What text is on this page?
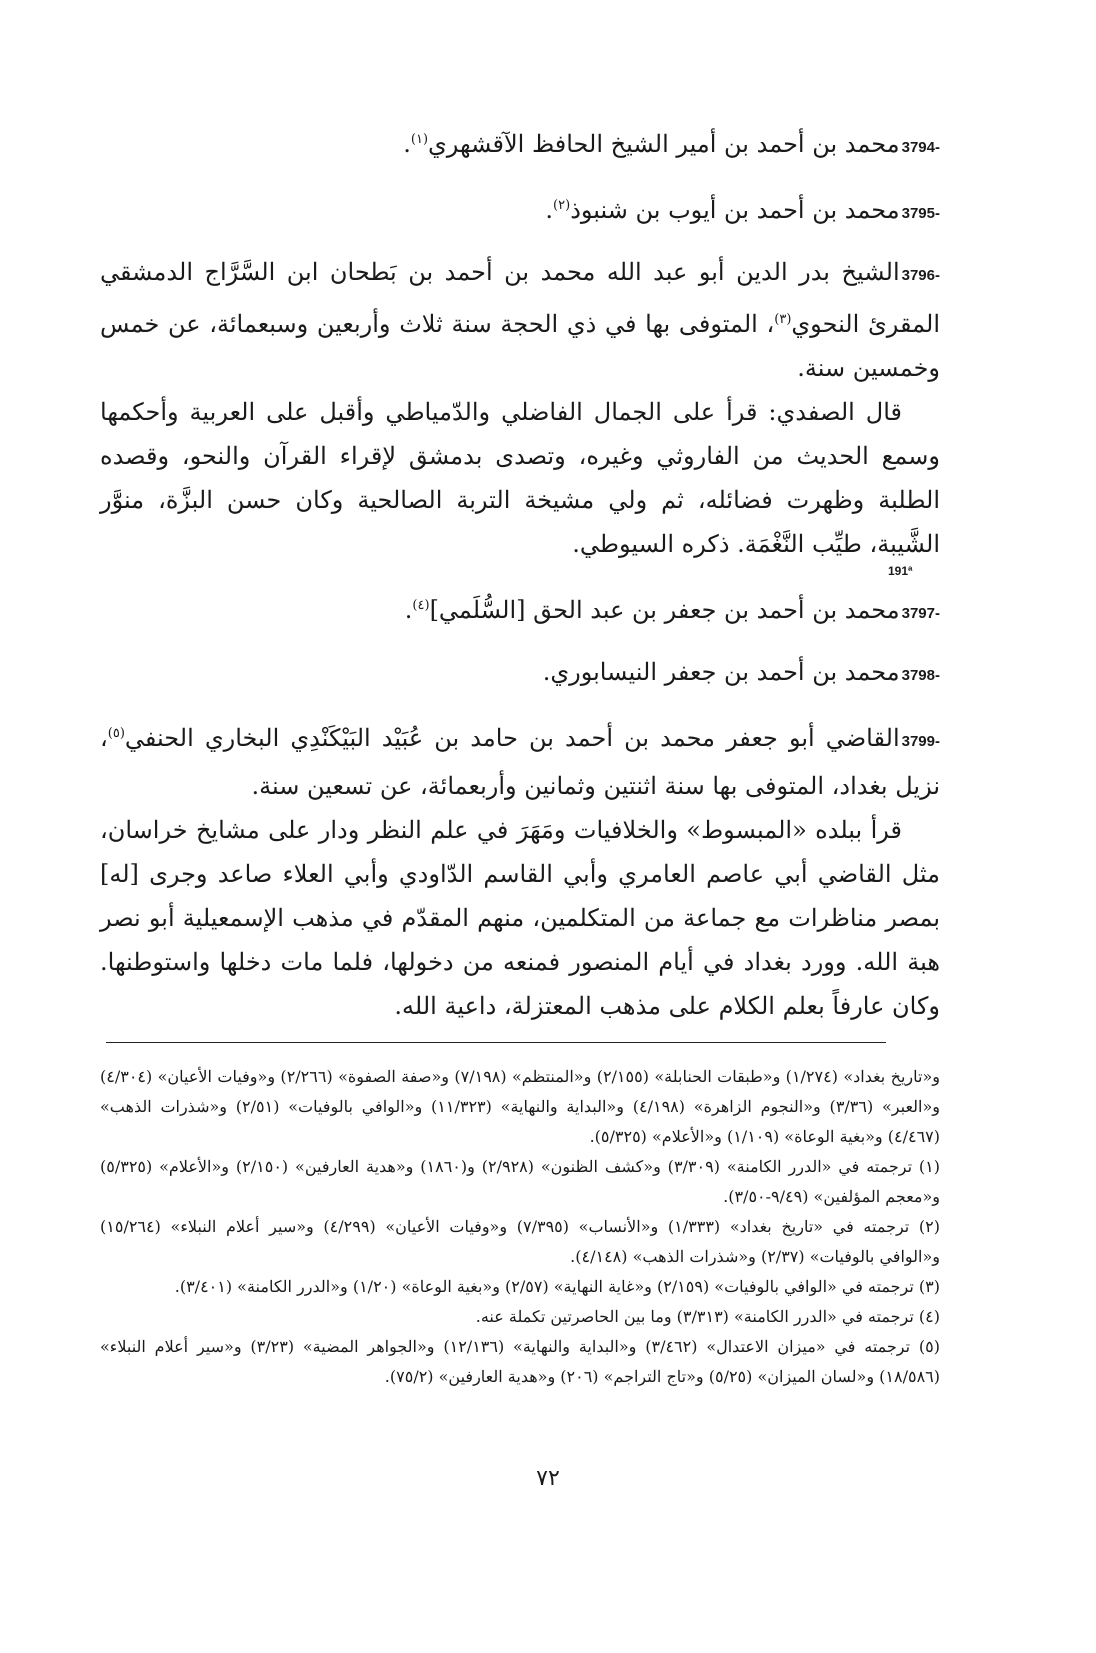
3794-محمد بن أحمد بن أمير الشيخ الحافظ الآقشهري$^{(١)}$.

3795-محمد بن أحمد بن أيوب بن شنبوذ$^{(٢)}$.

3796-الشيخ بدر الدين أبو عبد الله محمد بن أحمد بن بَطحان ابن السَّرَّاج الدمشقي المقرئ النحوي$^{(٣)}$، المتوفى بها في ذي الحجة سنة ثلاث وأربعين وسبعمائة، عن خمس وخمسين سنة.

قال الصفدي: قرأ على الجمال الفاضلي والدّمياطي وأقبل على العربية وأحكمها وسمع الحديث من الفاروثي وغيره، وتصدى بدمشق لإقراء القرآن والنحو، وقصده الطلبة وظهرت فضائله، ثم ولي مشيخة التربة الصالحية وكان حسن البزَّة، منوَّر الشَّيبة، طيِّب النَّغْمَة. ذكره السيوطي.

191ª

3797-محمد بن أحمد بن جعفر بن عبد الحق [السُّلَمي]$^{(٤)}$.

3798-محمد بن أحمد بن جعفر النيسابوري.

3799-القاضي أبو جعفر محمد بن أحمد بن حامد بن عُبَيْد البَيْكَنْدِي البخاري الحنفي$^{(٥)}$، نزيل بغداد، المتوفى بها سنة اثنتين وثمانين وأربعمائة، عن تسعين سنة.

قرأ ببلده «المبسوط» والخلافيات ومَهَرَ في علم النظر ودار على مشايخ خراسان، مثل القاضي أبي عاصم العامري وأبي القاسم الدّاودي وأبي العلاء صاعد وجرى [له] بمصر مناظرات مع جماعة من المتكلمين، منهم المقدّم في مذهب الإسمعيلية أبو نصر هبة الله. وورد بغداد في أيام المنصور فمنعه من دخولها، فلما مات دخلها واستوطنها. وكان عارفاً بعلم الكلام على مذهب المعتزلة، داعية الله.

و«تاريخ بغداد» (١/٢٧٤) و«طبقات الحنابلة» (٢/١٥٥) و«المنتظم» (٧/١٩٨) و«صفة الصفوة» (٢/٢٦٦) و«وفيات الأعيان» (٤/٣٠٤) و«العبر» (٣/٣٦) و«النجوم الزاهرة» (٤/١٩٨) و«البداية والنهاية» (١١/٣٢٣) و«الوافي بالوفيات» (٢/٥١) و«شذرات الذهب» (٤/٤٦٧) و«بغية الوعاة» (١/١٠٩) و«الأعلام» (٥/٣٢٥).

(١) ترجمته في «الدرر الكامنة» (٣/٣٠٩) و«كشف الظنون» (٢/٩٢٨) و(١٨٦٠) و«هدية العارفين» (٢/١٥٠) و«الأعلام» (٥/٣٢٥) و«معجم المؤلفين» (٩/٤٩-٣/٥٠).

(٢) ترجمته في «تاريخ بغداد» (١/٣٣٣) و«الأنساب» (٧/٣٩٥) و«وفيات الأعيان» (٤/٢٩٩) و«سير أعلام النبلاء» (١٥/٢٦٤) و«الوافي بالوفيات» (٢/٣٧) و«شذرات الذهب» (٤/١٤٨).

(٣) ترجمته في «الوافي بالوفيات» (٢/١٥٩) و«غاية النهاية» (٢/٥٧) و«بغية الوعاة» (١/٢٠) و«الدرر الكامنة» (٣/٤٠١).

(٤) ترجمته في «الدرر الكامنة» (٣/٣١٣) وما بين الحاصرتين تكملة عنه.

(٥) ترجمته في «ميزان الاعتدال» (٣/٤٦٢) و«البداية والنهاية» (١٢/١٣٦) و«الجواهر المضية» (٣/٢٣) و«سير أعلام النبلاء» (١٨/٥٨٦) و«لسان الميزان» (٥/٢٥) و«تاج التراجم» (٢٠٦) و«هدية العارفين» (٧٥/٢).

٧٢
